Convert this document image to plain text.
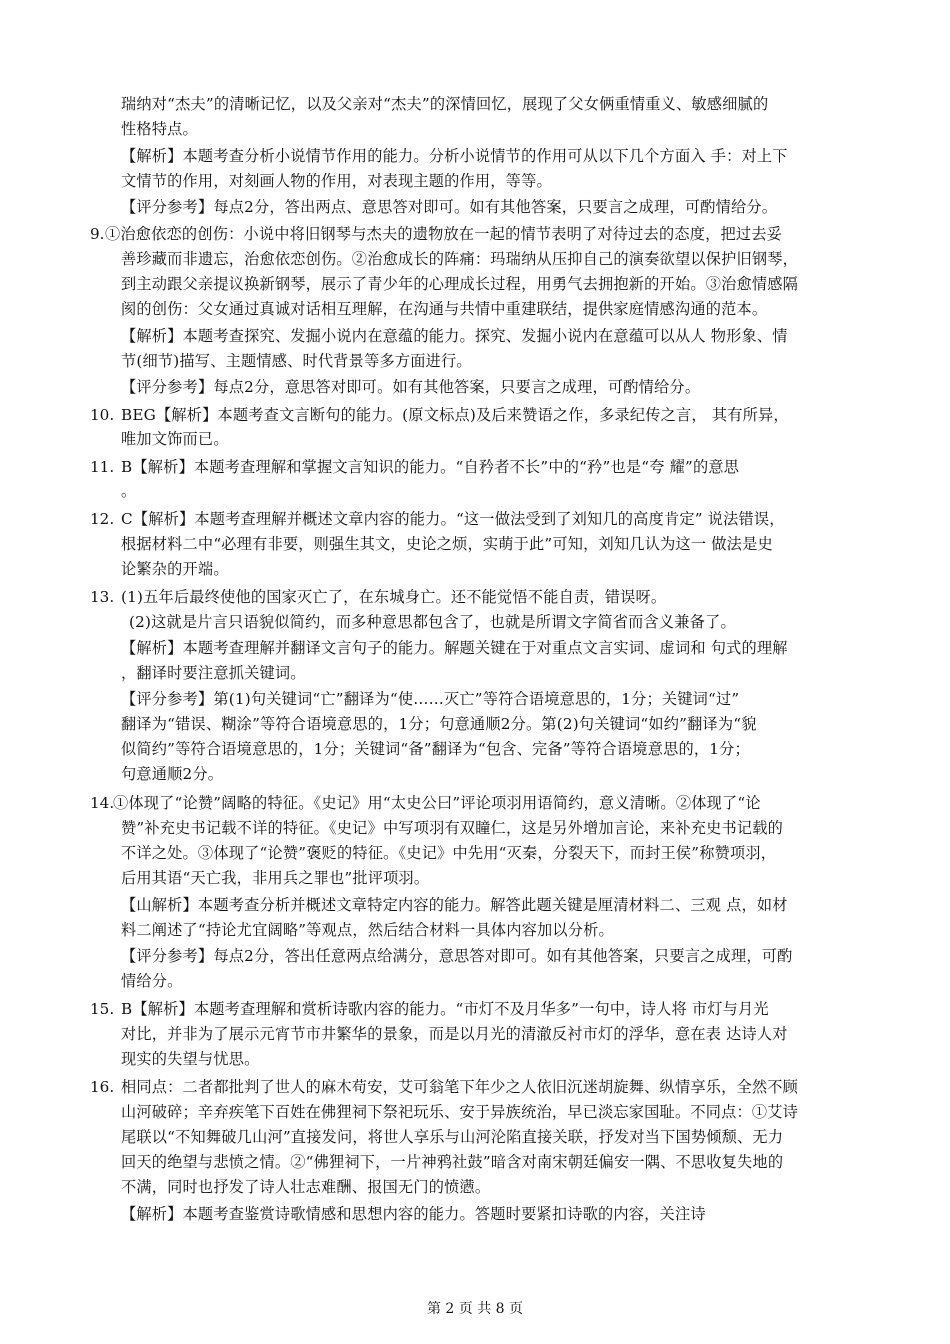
瑞纳对“杰夫”的清晰记忆，以及父亲对“杰夫”的深情回忆，展现了父女俩重情重义、敏感细腻的
性格特点。
【解析】本题考查分析小说情节作用的能力。分析小说情节的作用可从以下几个方面入 手：对上下
文情节的作用，对刻画人物的作用，对表现主题的作用，等等。
【评分参考】每点2分，答出两点、意思答对即可。如有其他答案，只要言之成理，可酌情给分。
9. ①治愈依恋的创伤：小说中将旧钢琴与杰夫的遗物放在一起的情节表明了对待过去的态度，把过去妥
善珍藏而非遗忘，治愈依恋创伤。②治愈成长的阵痛：玛瑞纳从压抑自己的演奏欲望以保护旧钢琴，
到主动跟父亲提议换新钢琴，展示了青少年的心理成长过程，用勇气去拥抱新的开始。③治愈情感隔
阂的创伤：父女通过真诚对话相互理解，在沟通与共情中重建联结，提供家庭情感沟通的范本。
【解析】本题考查探究、发掘小说内在意蕴的能力。探究、发掘小说内在意蕴可以从人 物形象、情
节(细节)描写、主题情感、时代背景等多方面进行。
【评分参考】每点2分，意思答对即可。如有其他答案，只要言之成理，可酌情给分。
10. BEG【解析】本题考查文言断句的能力。(原文标点)及后来赞语之作，多录纪传之言， 其有所异，
唯加文饰而已。
11. B【解析】本题考查理解和掌握文言知识的能力。“自矜者不长”中的“矜”也是“夸 耀”的意思
。
12. C【解析】本题考查理解并概述文章内容的能力。“这一做法受到了刘知几的高度肯定” 说法错误，
根据材料二中“必理有非要，则强生其文，史论之烦，实萌于此”可知，刘知几认为这一 做法是史
论繁杂的开端。
13. (1)五年后最终使他的国家灭亡了，在东城身亡。还不能觉悟不能自责，错误呀。
(2)这就是片言只语貌似简约，而多种意思都包含了，也就是所谓文字简省而含义兼备了。
【解析】本题考查理解并翻译文言句子的能力。解题关键在于对重点文言实词、虚词和 句式的理解
，翻译时要注意抓关键词。
【评分参考】第(1)句关键词“亡”翻译为“使……灭亡”等符合语境意思的，1分；关键词“过”
翻译为“错误、糊涂”等符合语境意思的，1分；句意通顺2分。第(2)句关键词“如约”翻译为“貌
似简约”等符合语境意思的，1分；关键词“备”翻译为“包含、完备”等符合语境意思的，1分；
句意通顺2分。
14.
①体现了“论赞”阔略的特征。《史记》用“太史公曰”评论项羽用语简约，意义清晰。②体现了“论
赞”补充史书记载不详的特征。《史记》中写项羽有双瞳仁，这是另外增加言论，来补充史书记载的
不详之处。③体现了“论赞”褒贬的特征。《史记》中先用“灭秦，分裂天下，而封王侯”称赞项羽，
后用其语“天亡我，非用兵之罪也”批评项羽。
【山解析】本题考查分析并概述文章特定内容的能力。解答此题关键是厘清材料二、三观 点，如材
料二阐述了“持论尤宜阔略”等观点，然后结合材料一具体内容加以分析。
【评分参考】每点2分，答出任意两点给满分，意思答对即可。如有其他答案，只要言之成理，可酌
情给分。
15. B【解析】本题考查理解和赏析诗歌内容的能力。“市灯不及月华多”一句中，诗人将 市灯与月光
对比，并非为了展示元宵节市井繁华的景象，而是以月光的清澈反衬市灯的浮华，意在表 达诗人对
现实的失望与忧思。
16. 相同点：二者都批判了世人的麻木苟安，艾可翁笔下年少之人依旧沉迷胡旋舞、纵情享乐，全然不顾
山河破碎；辛弃疾笔下百姓在佛狸祠下祭祀玩乐、安于异族统治，早已淡忘家国耻。不同点：①艾诗
尾联以“不知舞破几山河”直接发问，将世人享乐与山河沦陷直接关联，抒发对当下国势倾颓、无力
回天的绝望与悲愤之情。②“佛狸祠下，一片神鸦社鼓”暗含对南宋朝廷偏安一隅、不思收复失地的
不满，同时也抒发了诗人壮志难酬、报国无门的愤懑。
【解析】本题考查鉴赏诗歌情感和思想内容的能力。答题时要紧扣诗歌的内容，关注诗
第 2 页 共 8 页
